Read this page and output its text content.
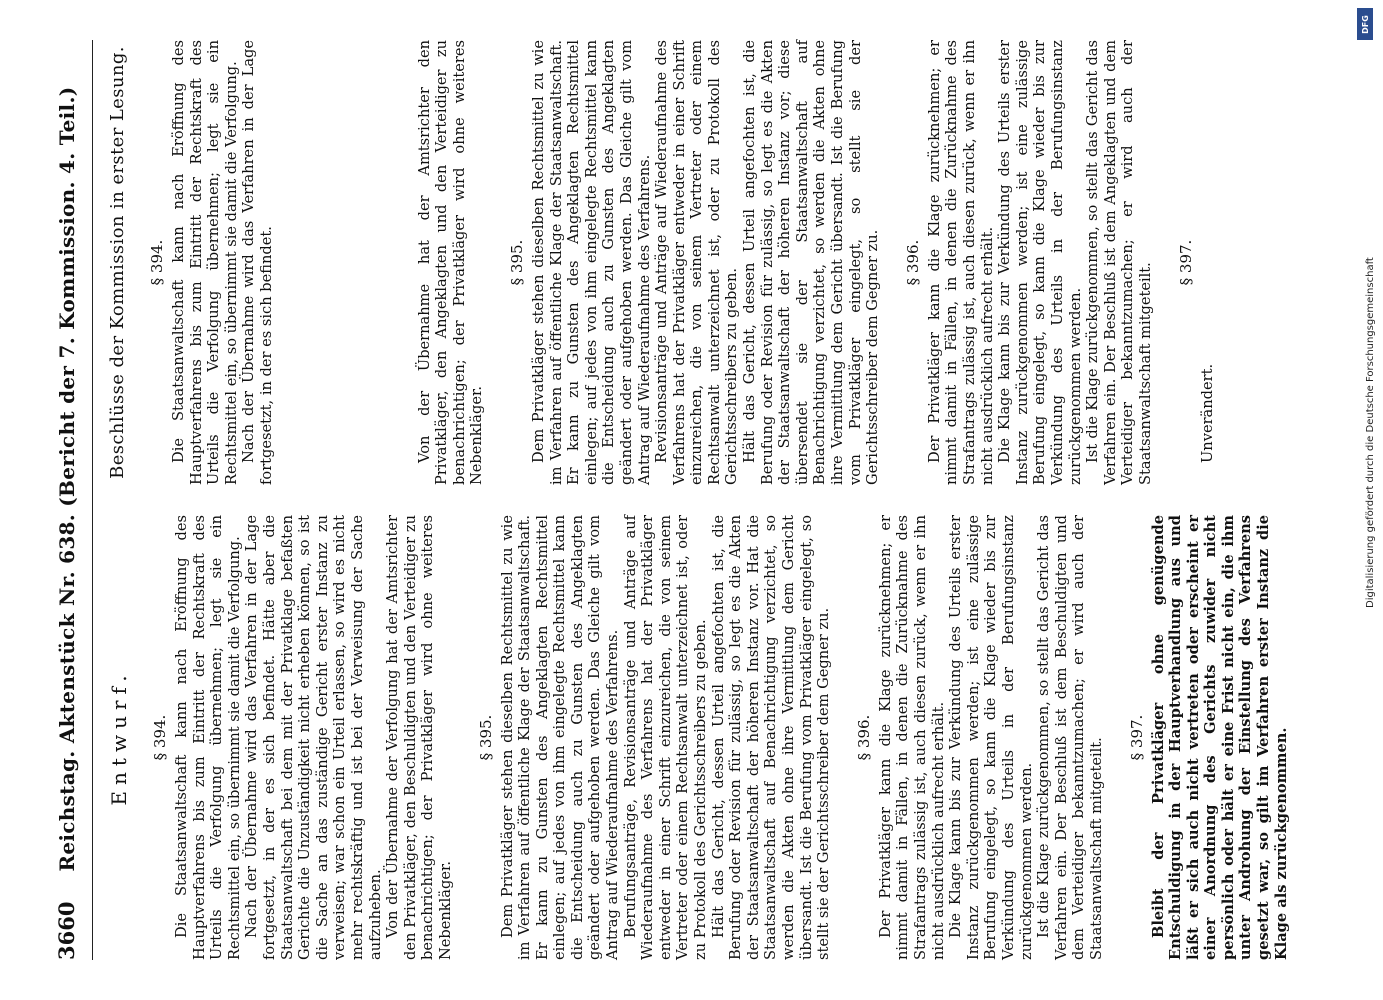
3660
Reichstag. Aktenstück Nr. 638. (Bericht der 7. Kommission. 4. Teil.) Entwurf. § 394. Die Staatsanwaltschaft kann nach Eröffnung des Hauptverfahrens bis zum Eintritt der Rechtskraft des Urteils die Verfolgung übernehmen; legt sie ein Rechtsmittel ein, so übernimmt sie damit die Verfolgung. Nach der Übernahme wird das Verfahren in der Lage fortgesetzt, in der es sich befindet. Hätte aber die Staatsanwaltschaft bei dem mit der Privatklage befaßten Gerichte die Unzuständigkeit nicht erheben können, so ist die Sache an das zuständige Gericht erster Instanz zu verweisen; war schon ein Urteil erlassen, so wird es nicht mehr rechtskräftig und ist bei der Verweisung der Sache aufzuheben. Von der Übernahme der Verfolgung hat der Amtsrichter den Privatkläger, den Beschuldigten und den Verteidiger zu benachrichtigen; der Privatkläger wird ohne weiteres Nebenkläger.

§ 395. Dem Privatkläger stehen dieselben Rechtsmittel zu wie im Verfahren auf öffentliche Klage der Staatsanwaltschaft. Er kann zu Gunsten des Angeklagten Rechtsmittel einlegen; auf jedes von ihm eingelegte Rechtsmittel kann die Entscheidung auch zu Gunsten des Angeklagten geändert oder aufgehoben werden. Das Gleiche gilt vom Antrag auf Wiederaufnahme des Verfahrens. Berufungsanträge, Revisionsanträge und Anträge auf Wiederaufnahme des Verfahrens hat der Privatkläger entweder in einer Schrift einzureichen, die von seinem Vertreter oder einem Rechtsanwalt unterzeichnet ist, oder zu Protokoll des Gerichtsschreibers zu geben. Hält das Gericht, dessen Urteil angefochten ist, die Berufung oder Revision für zulässig, so legt es die Akten der Staatsanwaltschaft der höheren Instanz vor. Hat die Staatsanwaltschaft auf Benachrichtigung verzichtet, so werden die Akten ohne ihre Vermittlung dem Gericht übersandt. Ist die Berufung vom Privatkläger eingelegt, so stellt sie der Gerichtsschreiber dem Gegner zu. § 396. Der Privatkläger kann die Klage zurücknehmen; er nimmt damit in Fällen, in denen die Zurücknahme des Strafantrags zulässig ist, auch diesen zurück, wenn er ihn nicht ausdrücklich aufrecht erhält. Die Klage kann bis zur Verkündung des Urteils erster Instanz zurückgenommen werden; ist eine zulässige Berufung eingelegt, so kann die Klage wieder bis zur Verkündung des Urteils in der Berufungsinstanz zurückgenommen werden. Ist die Klage zurückgenommen, so stellt das Gericht das Verfahren ein. Der Beschluß ist dem Beschuldigten und dem Verteidiger bekanntzumachen; er wird auch der Staatsanwaltschaft mitgeteilt. § 397. Bleibt der Privatkläger ohne genügende Entschuldigung in der Hauptverhandlung aus und läßt er sich auch nicht vertreten oder erscheint er einer Anordnung des Gerichts zuwider nicht persönlich oder hält er eine Frist nicht ein, die ihm unter Androhung der Einstellung des Verfahrens gesetzt war, so gilt im Verfahren erster Instanz die Klage als zurückgenommen.

Beschlüsse der Kommission in erster Lesung. § 394. Die Staatsanwaltschaft kann nach Eröffnung des Hauptverfahrens bis zum Eintritt der Rechtskraft des Urteils die Verfolgung übernehmen; legt sie ein Rechtsmittel ein, so übernimmt sie damit die Verfolgung. Nach der Übernahme wird das Verfahren in der Lage fortgesetzt, in der es sich befindet.	Von der Übernahme hat der Amtsrichter den Privatkläger, den Angeklagten und den Verteidiger zu benachrichtigen; der Privatkläger wird ohne weiteres Nebenkläger.

§ 395. Dem Privatkläger stehen dieselben Rechtsmittel zu wie im Verfahren auf öffentliche Klage der Staatsanwaltschaft. Er kann zu Gunsten des Angeklagten Rechtsmittel einlegen; auf jedes von ihm eingelegte Rechtsmittel kann die Entscheidung auch zu Gunsten des Angeklagten geändert oder aufgehoben werden. Das Gleiche gilt vom Antrag auf Wiederaufnahme des Verfahrens. Revisionsanträge und Anträge auf Wiederaufnahme des Verfahrens hat der Privatkläger entweder in einer Schrift einzureichen, die von seinem Vertreter oder einem Rechtsanwalt unterzeichnet ist, oder zu Protokoll des Gerichtsschreibers zu geben. Hält das Gericht, dessen Urteil angefochten ist, die Berufung oder Revision für zulässig, so legt es die Akten der Staatsanwaltschaft der höheren Instanz vor; diese übersendet sie der Staatsanwaltschaft auf Benachrichtigung verzichtet, so werden die Akten ohne ihre Vermittlung dem Gericht übersandt. Ist die Berufung vom Privatkläger eingelegt, so stellt sie der Gerichtsschreiber dem Gegner zu. § 396. Der Privatkläger kann die Klage zurücknehmen; er nimmt damit in Fällen, in denen die Zurücknahme des Strafantrags zulässig ist, auch diesen zurück, wenn er ihn nicht ausdrücklich aufrecht erhält. Die Klage kann bis zur Verkündung des Urteils erster Instanz zurückgenommen werden; ist eine zulässige Berufung eingelegt, so kann die Klage wieder bis zur Verkündung des Urteils in der Berufungsinstanz zurückgenommen werden. Ist die Klage zurückgenommen, so stellt das Gericht das Verfahren ein. Der Beschluß ist dem Angeklagten und dem Verteidiger bekanntzumachen; er wird auch der Staatsanwaltschaft mitgeteilt. § 397.

Unverändert.

DFG
Digitalisierung gefördert durch die Deutsche Forschungsgemeinschaft
